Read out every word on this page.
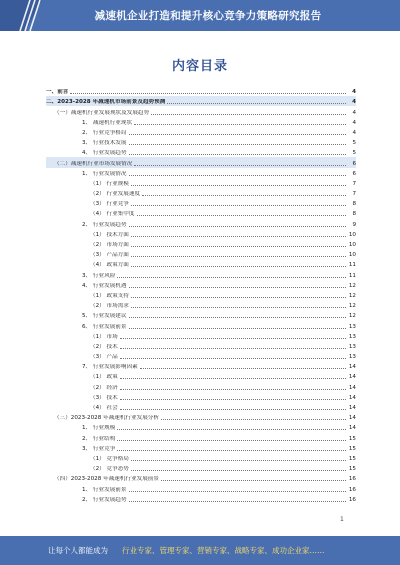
减速机企业打造和提升核心竞争力策略研究报告
内容目录
一、前言	4
二、2023-2028 年减速机市场前景及趋势预测	4
（一）减速机行业发展现状及发展趋势	4
1、 减速机行业现状	4
2、 行业竞争格局	4
3、 行业技术发展	5
4、 行业发展趋势	5
（二）减速机行业市场发展情况	6
1、 行业发展情况	6
（1） 行业规模	7
（2） 行业发展速度	7
（3） 行业竞争	8
（4） 行业集中度	8
2、 行业发展趋势	9
（1） 技术方面	10
（2） 市场方面	10
（3） 产品方面	10
（4） 政策方面	11
3、 行业风险	11
4、 行业发展机遇	12
（1） 政策支持	12
（2） 市场需求	12
5、 行业发展建议	12
6、 行业发展前景	13
（1） 市场	13
（2） 技术	13
（3） 产品	13
7、 行业发展影响因素	14
（1） 政策	14
（2） 经济	14
（3） 技术	14
（4） 社会	14
（三）2023-2028 年减速机行业发展分析	14
1、 行业规模	14
2、 行业结构	15
3、 行业竞争	15
（1） 竞争格局	15
（2） 竞争态势	15
（四）2023-2028 年减速机行业发展前景	16
1、 行业发展前景	16
2、 行业发展趋势	16
1
让每个人都能成为 行业专家、管理专家、营销专家、战略专家、成功企业家……
